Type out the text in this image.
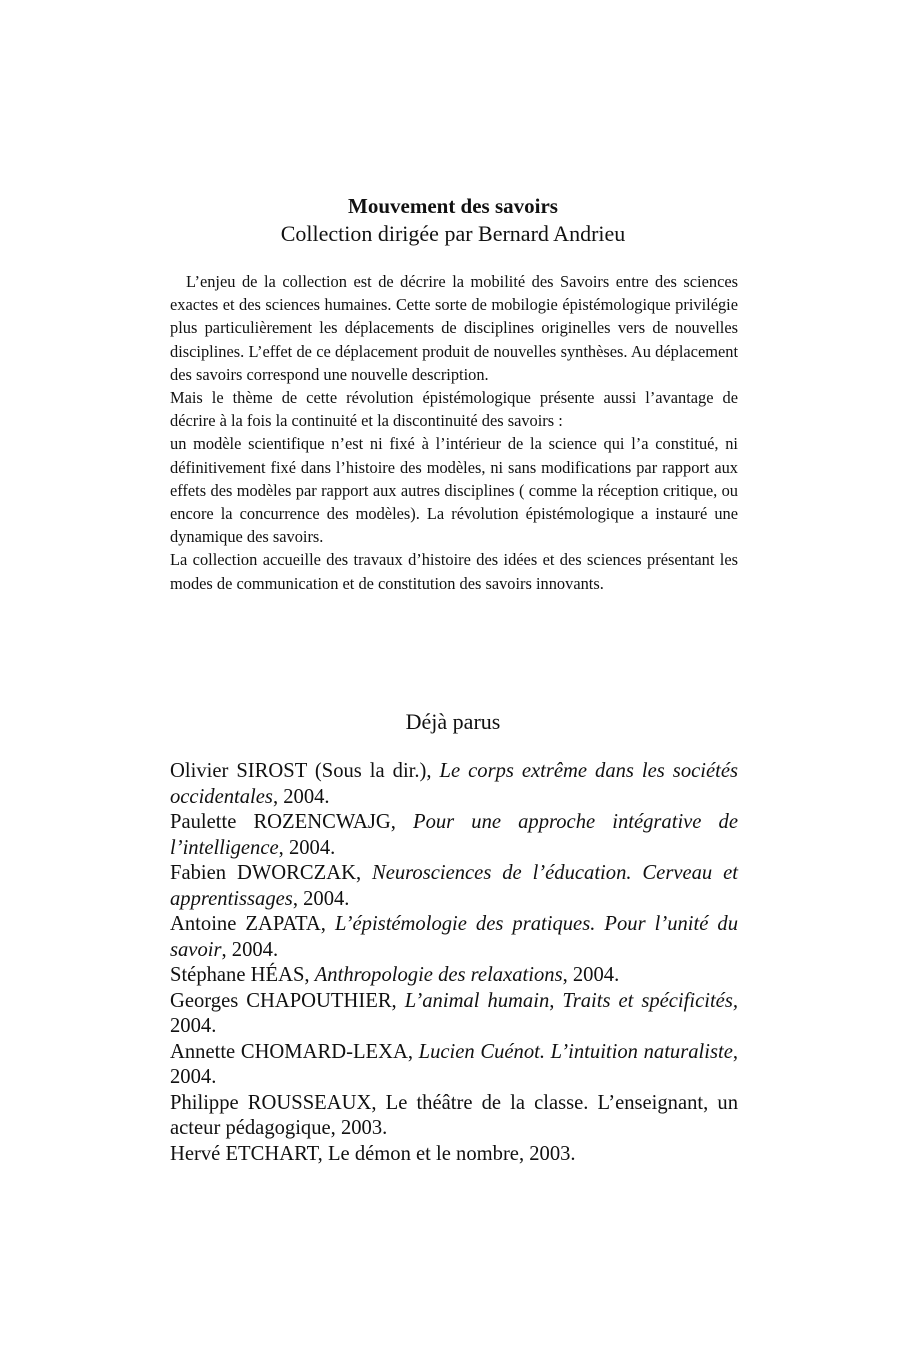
Mouvement des savoirs
Collection dirigée par Bernard Andrieu

L’enjeu de la collection est de décrire la mobilité des Savoirs entre des sciences exactes et des sciences humaines. Cette sorte de mobilogie épistémologique privilégie plus particulièrement les déplacements de disciplines originelles vers de nouvelles disciplines. L’effet de ce déplacement produit de nouvelles synthèses. Au déplacement des savoirs correspond une nouvelle description.

Mais le thème de cette révolution épistémologique présente aussi l’avantage de décrire à la fois la continuité et la discontinuité des savoirs :

un modèle scientifique n’est ni fixé à l’intérieur de la science qui l’a constitué, ni définitivement fixé dans l’histoire des modèles, ni sans modifications par rapport aux effets des modèles par rapport aux autres disciplines ( comme la réception critique, ou encore la concurrence des modèles). La révolution épistémologique a instauré une dynamique des savoirs.

La collection accueille des travaux d’histoire des idées et des sciences présentant les modes de communication et de constitution des savoirs innovants.

Déjà parus
Olivier SIROST (Sous la dir.), Le corps extrême dans les sociétés occidentales, 2004.
Paulette ROZENCWAJG, Pour une approche intégrative de l’intelligence, 2004.
Fabien DWORCZAK, Neurosciences de l’éducation. Cerveau et apprentissages, 2004.
Antoine ZAPATA, L’épistémologie des pratiques. Pour l’unité du savoir, 2004.
Stéphane HÉAS, Anthropologie des relaxations, 2004.
Georges CHAPOUTHIER, L’animal humain, Traits et spécificités, 2004.
Annette CHOMARD-LEXA, Lucien Cuénot. L’intuition naturaliste, 2004.
Philippe ROUSSEAUX, Le théâtre de la classe. L’enseignant, un acteur pédagogique, 2003.
Hervé ETCHART, Le démon et le nombre, 2003.
